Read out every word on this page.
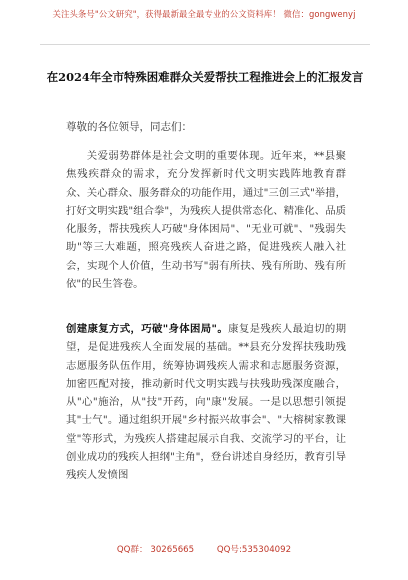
关注头条号"公文研究"，获得最新最全最专业的公文资料库！ 微信：gongwenyj
在2024年全市特殊困难群众关爱帮扶工程推进会上的汇报发言
尊敬的各位领导，同志们：
关爱弱势群体是社会文明的重要体现。近年来，**县聚焦残疾群众的需求，充分发挥新时代文明实践阵地教育群众、关心群众、服务群众的功能作用，通过"三创三式"举措，打好文明实践"组合拳"，为残疾人提供常态化、精准化、品质化服务，帮扶残疾人巧破"身体困局"、"无业可就"、"残弱失助"等三大难题，照亮残疾人奋进之路，促进残疾人融入社会，实现个人价值，生动书写"弱有所扶、残有所助、残有所依"的民生答卷。
创建康复方式，巧破"身体困局"。康复是残疾人最迫切的期望，是促进残疾人全面发展的基础。**县充分发挥扶残助残志愿服务队伍作用，统筹协调残疾人需求和志愿服务资源，加密匹配对接，推动新时代文明实践与扶残助残深度融合，从"心"施治，从"技"开药，向"康"发展。一是以思想引领提其"士气"。通过组织开展"乡村振兴故事会"、"大榕树家教课堂"等形式，为残疾人搭建起展示自我、交流学习的平台，让创业成功的残疾人担纲"主角"，登台讲述自身经历，教育引导残疾人发愤图
QQ群： 30265665	QQ号:535304092
